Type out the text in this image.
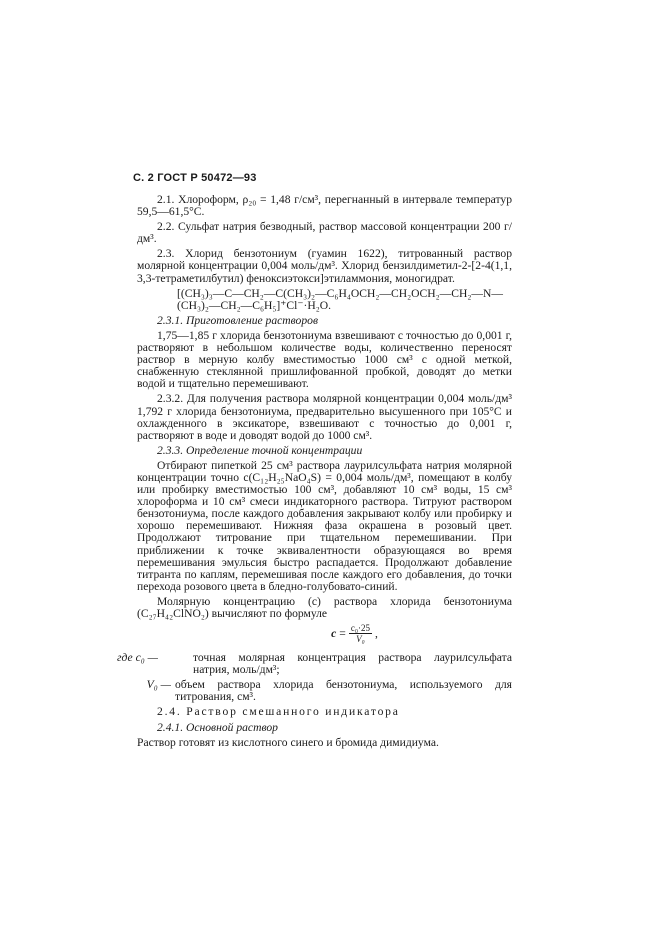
С. 2 ГОСТ Р 50472—93

2.1. Хлороформ, ρ₂₀ = 1,48 г/см³, перегнанный в интервале температур 59,5—61,5°С.

2.2. Сульфат натрия безводный, раствор массовой концентрации 200 г/дм³.

2.3. Хлорид бензотониум (гуамин 1622), титрованный раствор молярной концентрации 0,004 моль/дм³. Хлорид бензилдиметил-2-[2-4(1,1, 3,3-тетраметилбутил) феноксиэтокси]этиламмония, моногидрат.

[(CH₃)₃—C—CH₂—C(CH₃)₂—C₆H₄OCH₂—CH₂OCH₂—CH₂—N—(CH₃)₂—CH₂—C₆H₅]⁺Cl⁻·H₂O.

2.3.1. Приготовление растворов

1,75—1,85 г хлорида бензотониума взвешивают с точностью до 0,001 г, растворяют в небольшом количестве воды, количественно переносят раствор в мерную колбу вместимостью 1000 см³ с одной меткой, снабженную стеклянной пришлифованной пробкой, доводят до метки водой и тщательно перемешивают.

2.3.2. Для получения раствора молярной концентрации 0,004 моль/дм³ 1,792 г хлорида бензотониума, предварительно высушенного при 105°С и охлажденного в эксикаторе, взвешивают с точностью до 0,001 г, растворяют в воде и доводят водой до 1000 см³.

2.3.3. Определение точной концентрации

Отбирают пипеткой 25 см³ раствора лаурилсульфата натрия молярной концентрации точно c(C₁₂H₂₅NaO₄S) = 0,004 моль/дм³, помещают в колбу или пробирку вместимостью 100 см³, добавляют 10 см³ воды, 15 см³ хлороформа и 10 см³ смеси индикаторного раствора. Титруют раствором бензотониума, после каждого добавления закрывают колбу или пробирку и хорошо перемешивают. Нижняя фаза окрашена в розовый цвет. Продолжают титрование при тщательном перемешивании. При приближении к точке эквивалентности образующаяся во время перемешивания эмульсия быстро распадается. Продолжают добавление титранта по каплям, перемешивая после каждого его добавления, до точки перехода розового цвета в бледно-голубовато-синий.

Молярную концентрацию (c) раствора хлорида бензотониума (C₂₇H₄₂ClNO₂) вычисляют по формуле

$c = \frac{\text{c₀·25}}{\text{V₀}}$ ,
где c₀ —	точная молярная концентрация раствора лаурилсульфата натрия, моль/дм³;
V₀ — объем раствора хлорида бензотониума, используемого для титрования, см³.

2.4. Раствор смешанного индикатора

2.4.1. Основной раствор

Раствор готовят из кислотного синего и бромида димидиума.
